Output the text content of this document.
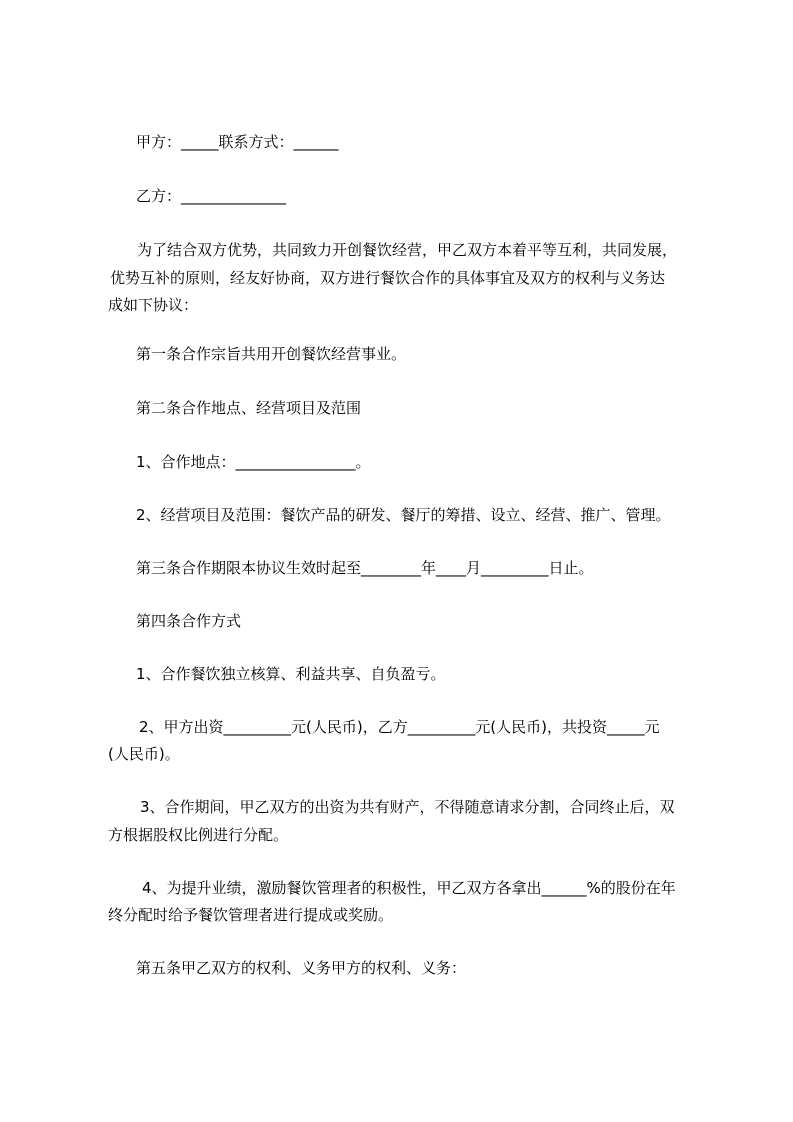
甲方：_____联系方式：______
乙方：______________
为了结合双方优势，共同致力开创餐饮经营，甲乙双方本着平等互利，共同发展，
优势互补的原则，经友好协商，双方进行餐饮合作的具体事宜及双方的权利与义务达
成如下协议：
第一条合作宗旨共用开创餐饮经营事业。
第二条合作地点、经营项目及范围
1、合作地点：________________。
2、经营项目及范围：餐饮产品的研发、餐厅的筹措、设立、经营、推广、管理。
第三条合作期限本协议生效时起至________年____月_________日止。
第四条合作方式
1、合作餐饮独立核算、利益共享、自负盈亏。
2、甲方出资_________元(人民币)，乙方_________元(人民币)，共投资_____元
(人民币)。
3、合作期间，甲乙双方的出资为共有财产，不得随意请求分割，合同终止后，双
方根据股权比例进行分配。
4、为提升业绩，激励餐饮管理者的积极性，甲乙双方各拿出______%的股份在年
终分配时给予餐饮管理者进行提成或奖励。
第五条甲乙双方的权利、义务甲方的权利、义务：
